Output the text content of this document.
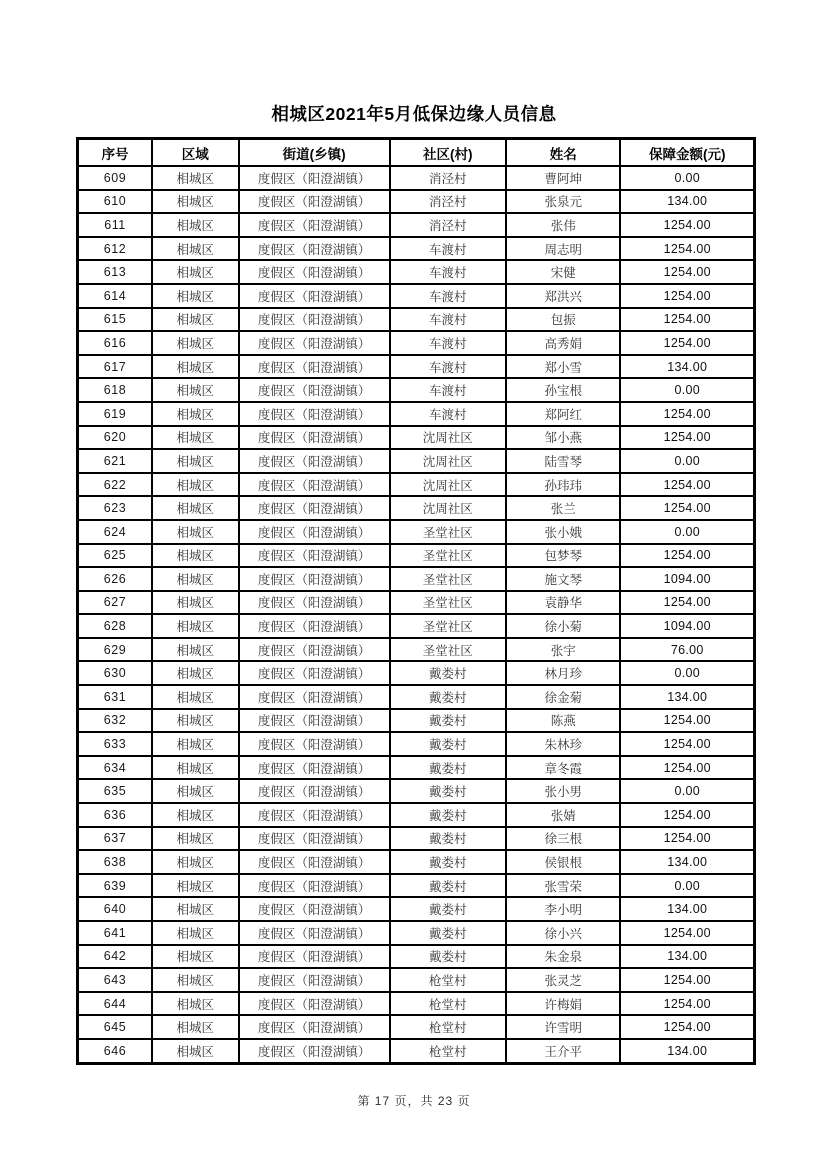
相城区2021年5月低保边缘人员信息
序号	区域	街道(乡镇)	社区(村)	姓名	保障金额(元)
609	相城区	度假区（阳澄湖镇）	消泾村	曹阿坤	0.00
610	相城区	度假区（阳澄湖镇）	消泾村	张泉元	134.00
611	相城区	度假区（阳澄湖镇）	消泾村	张伟	1254.00
612	相城区	度假区（阳澄湖镇）	车渡村	周志明	1254.00
613	相城区	度假区（阳澄湖镇）	车渡村	宋健	1254.00
614	相城区	度假区（阳澄湖镇）	车渡村	郑洪兴	1254.00
615	相城区	度假区（阳澄湖镇）	车渡村	包振	1254.00
616	相城区	度假区（阳澄湖镇）	车渡村	高秀娟	1254.00
617	相城区	度假区（阳澄湖镇）	车渡村	郑小雪	134.00
618	相城区	度假区（阳澄湖镇）	车渡村	孙宝根	0.00
619	相城区	度假区（阳澄湖镇）	车渡村	郑阿红	1254.00
620	相城区	度假区（阳澄湖镇）	沈周社区	邹小燕	1254.00
621	相城区	度假区（阳澄湖镇）	沈周社区	陆雪琴	0.00
622	相城区	度假区（阳澄湖镇）	沈周社区	孙玮玮	1254.00
623	相城区	度假区（阳澄湖镇）	沈周社区	张兰	1254.00
624	相城区	度假区（阳澄湖镇）	圣堂社区	张小娥	0.00
625	相城区	度假区（阳澄湖镇）	圣堂社区	包梦琴	1254.00
626	相城区	度假区（阳澄湖镇）	圣堂社区	施文琴	1094.00
627	相城区	度假区（阳澄湖镇）	圣堂社区	袁静华	1254.00
628	相城区	度假区（阳澄湖镇）	圣堂社区	徐小菊	1094.00
629	相城区	度假区（阳澄湖镇）	圣堂社区	张宇	76.00
630	相城区	度假区（阳澄湖镇）	戴娄村	林月珍	0.00
631	相城区	度假区（阳澄湖镇）	戴娄村	徐金菊	134.00
632	相城区	度假区（阳澄湖镇）	戴娄村	陈燕	1254.00
633	相城区	度假区（阳澄湖镇）	戴娄村	朱林珍	1254.00
634	相城区	度假区（阳澄湖镇）	戴娄村	章冬霞	1254.00
635	相城区	度假区（阳澄湖镇）	戴娄村	张小男	0.00
636	相城区	度假区（阳澄湖镇）	戴娄村	张婧	1254.00
637	相城区	度假区（阳澄湖镇）	戴娄村	徐三根	1254.00
638	相城区	度假区（阳澄湖镇）	戴娄村	侯银根	134.00
639	相城区	度假区（阳澄湖镇）	戴娄村	张雪荣	0.00
640	相城区	度假区（阳澄湖镇）	戴娄村	李小明	134.00
641	相城区	度假区（阳澄湖镇）	戴娄村	徐小兴	1254.00
642	相城区	度假区（阳澄湖镇）	戴娄村	朱金泉	134.00
643	相城区	度假区（阳澄湖镇）	枪堂村	张灵芝	1254.00
644	相城区	度假区（阳澄湖镇）	枪堂村	许梅娟	1254.00
645	相城区	度假区（阳澄湖镇）	枪堂村	许雪明	1254.00
646	相城区	度假区（阳澄湖镇）	枪堂村	王介平	134.00
第 17 页，共 23 页
